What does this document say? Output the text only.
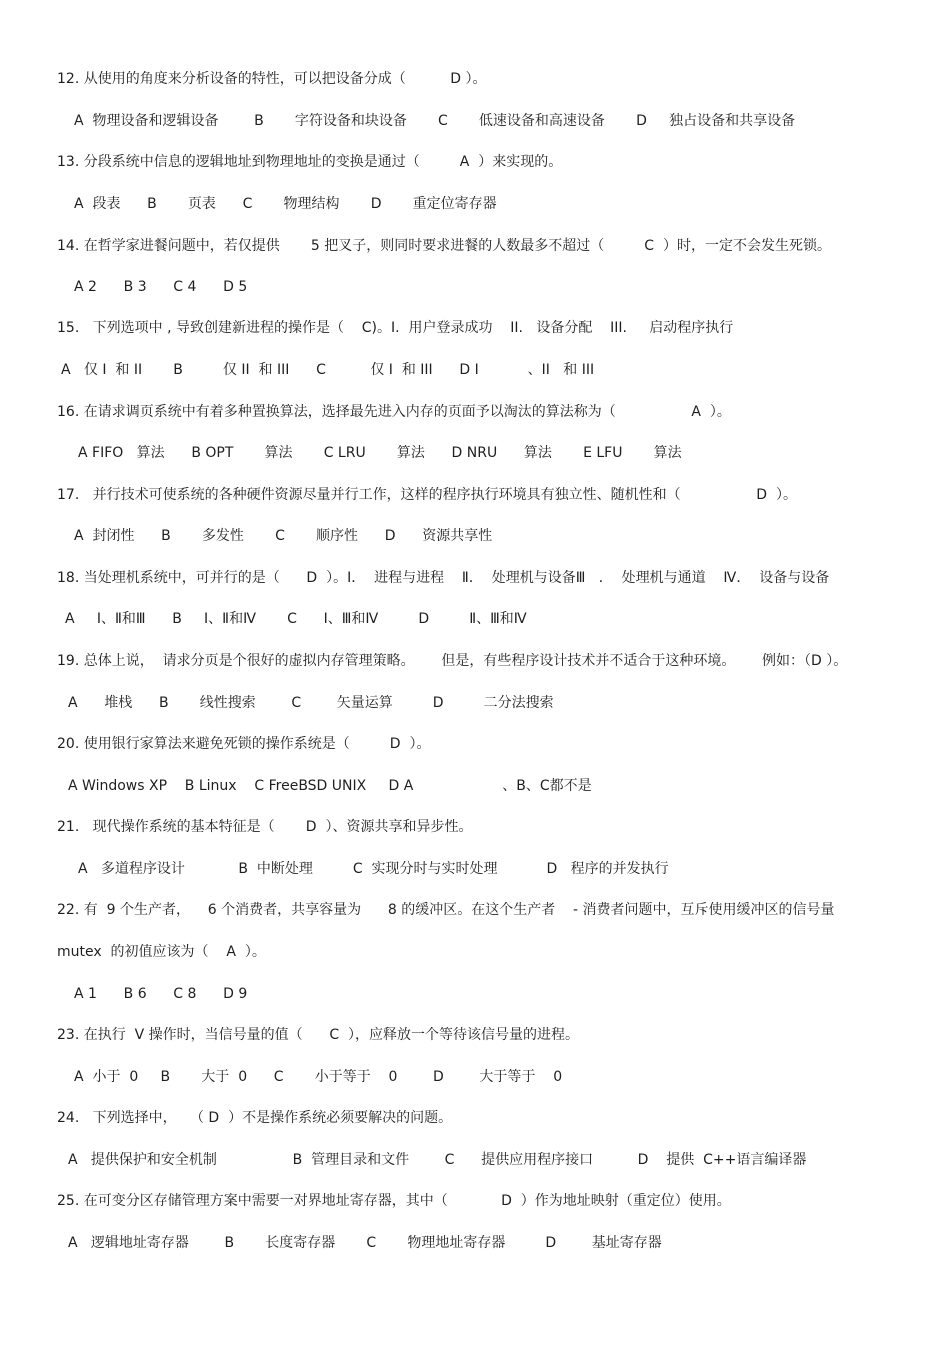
12. 从使用的角度来分析设备的特性，可以把设备分成（          D ）。
A  物理设备和逻辑设备        B       字符设备和块设备       C       低速设备和高速设备       D     独占设备和共享设备
13. 分段系统中信息的逻辑地址到物理地址的变换是通过（         A  ）来实现的。
A  段表      B       页表      C       物理结构       D       重定位寄存器
14. 在哲学家进餐问题中，若仅提供       5 把叉子，则同时要求进餐的人数最多不超过（         C  ）时，一定不会发生死锁。
A 2      B 3      C 4      D 5
15.   下列选项中 , 导致创建新进程的操作是（    C)。I.  用户登录成功    II.   设备分配    III.     启动程序执行
A   仅 I  和 II       B         仅 II  和 III      C          仅 I  和 III      D I           、II   和 III
16. 在请求调页系统中有着多种置换算法，选择最先进入内存的页面予以淘汰的算法称为（                 A  ）。
A FIFO   算法      B OPT       算法       C LRU       算法      D NRU      算法       E LFU       算法
17.   并行技术可使系统的各种硬件资源尽量并行工作，这样的程序执行环境具有独立性、随机性和（                 D  ）。
A  封闭性      B       多发性       C       顺序性      D      资源共享性
18. 当处理机系统中，可并行的是（      D  ）。Ⅰ．  进程与进程    Ⅱ．  处理机与设备Ⅲ   ．  处理机与通道    Ⅳ．  设备与设备
A     Ⅰ、Ⅱ和Ⅲ      B     Ⅰ、Ⅱ和Ⅳ       C      Ⅰ、Ⅲ和Ⅳ         D         Ⅱ、Ⅲ和Ⅳ
19. 总体上说，  请求分页是个很好的虚拟内存管理策略。      但是，有些程序设计技术并不适合于这种环境。      例如：（D ）。
A      堆栈      B       线性搜索        C        矢量运算         D         二分法搜索
20. 使用银行家算法来避免死锁的操作系统是（         D  ）。
A Windows XP    B Linux    C FreeBSD UNIX     D A                    、B、C都不是
21.   现代操作系统的基本特征是（       D  ）、资源共享和异步性。
A   多道程序设计            B  中断处理         C  实现分时与实时处理           D   程序的并发执行
22. 有  9 个生产者，    6 个消费者，共享容量为      8 的缓冲区。在这个生产者    - 消费者问题中，互斥使用缓冲区的信号量
mutex  的初值应该为（    A  ）。
A 1      B 6      C 8      D 9
23. 在执行  V 操作时，当信号量的值（      C  ），应释放一个等待该信号量的进程。
A  小于  0     B       大于  0      C       小于等于    0        D        大于等于    0
24.   下列选择中，   （ D  ）不是操作系统必须要解决的问题。
A   提供保护和安全机制                 B  管理目录和文件        C      提供应用程序接口          D    提供  C++语言编译器
25. 在可变分区存储管理方案中需要一对界地址寄存器，其中（            D  ）作为地址映射（重定位）使用。
A   逻辑地址寄存器        B       长度寄存器       C       物理地址寄存器         D        基址寄存器
